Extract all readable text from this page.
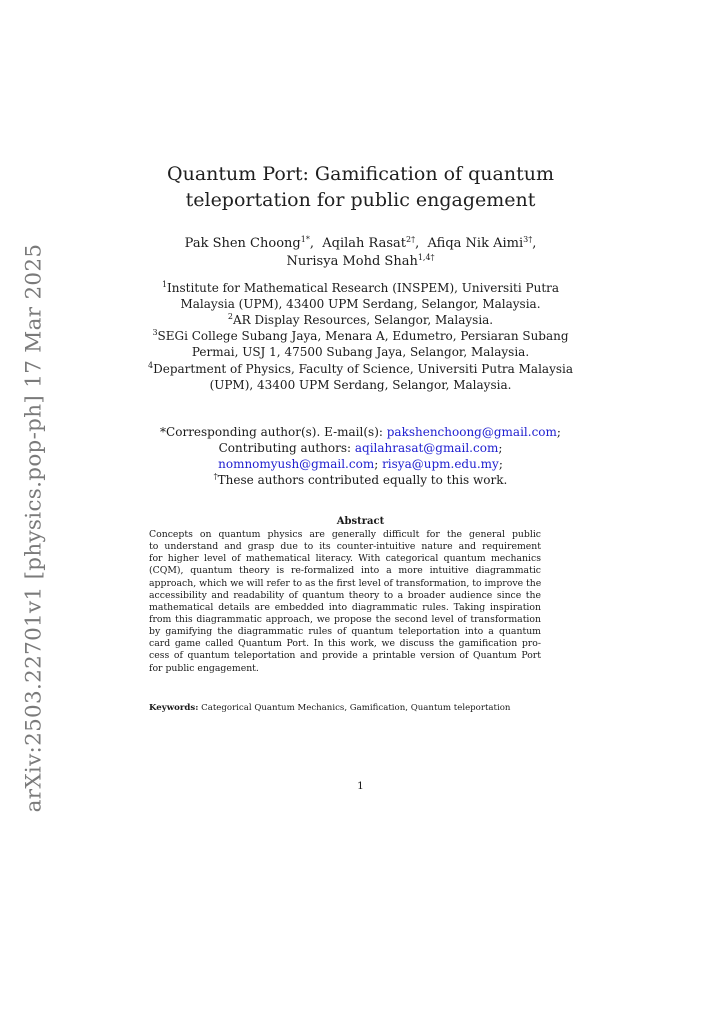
arXiv:2503.22701v1 [physics.pop-ph] 17 Mar 2025
Quantum Port: Gamification of quantum
teleportation for public engagement
Pak Shen Choong$^{1*}$,  Aqilah Rasat$^{2\dagger}$,  Afiqa Nik Aimi$^{3\dagger}$,
Nurisya Mohd Shah$^{1,4\dagger}$
$^1$Institute for Mathematical Research (INSPEM), Universiti Putra
Malaysia (UPM), 43400 UPM Serdang, Selangor, Malaysia.
$^2$AR Display Resources, Selangor, Malaysia.
$^3$SEGi College Subang Jaya, Menara A, Edumetro, Persiaran Subang
Permai, USJ 1, 47500 Subang Jaya, Selangor, Malaysia.
$^4$Department of Physics, Faculty of Science, Universiti Putra Malaysia
(UPM), 43400 UPM Serdang, Selangor, Malaysia.
*Corresponding author(s). E-mail(s): pakshenchoong@gmail.com;
Contributing authors: aqilahrasat@gmail.com;
nomnomyush@gmail.com; risya@upm.edu.my;
†These authors contributed equally to this work.
Abstract
Concepts on quantum physics are generally difficult for the general public
to understand and grasp due to its counter-intuitive nature and requirement
for higher level of mathematical literacy. With categorical quantum mechanics
(CQM), quantum theory is re-formalized into a more intuitive diagrammatic
approach, which we will refer to as the first level of transformation, to improve the
accessibility and readability of quantum theory to a broader audience since the
mathematical details are embedded into diagrammatic rules. Taking inspiration
from this diagrammatic approach, we propose the second level of transformation
by gamifying the diagrammatic rules of quantum teleportation into a quantum
card game called Quantum Port. In this work, we discuss the gamification pro-
cess of quantum teleportation and provide a printable version of Quantum Port
for public engagement.
Keywords: Categorical Quantum Mechanics, Gamification, Quantum teleportation
1
